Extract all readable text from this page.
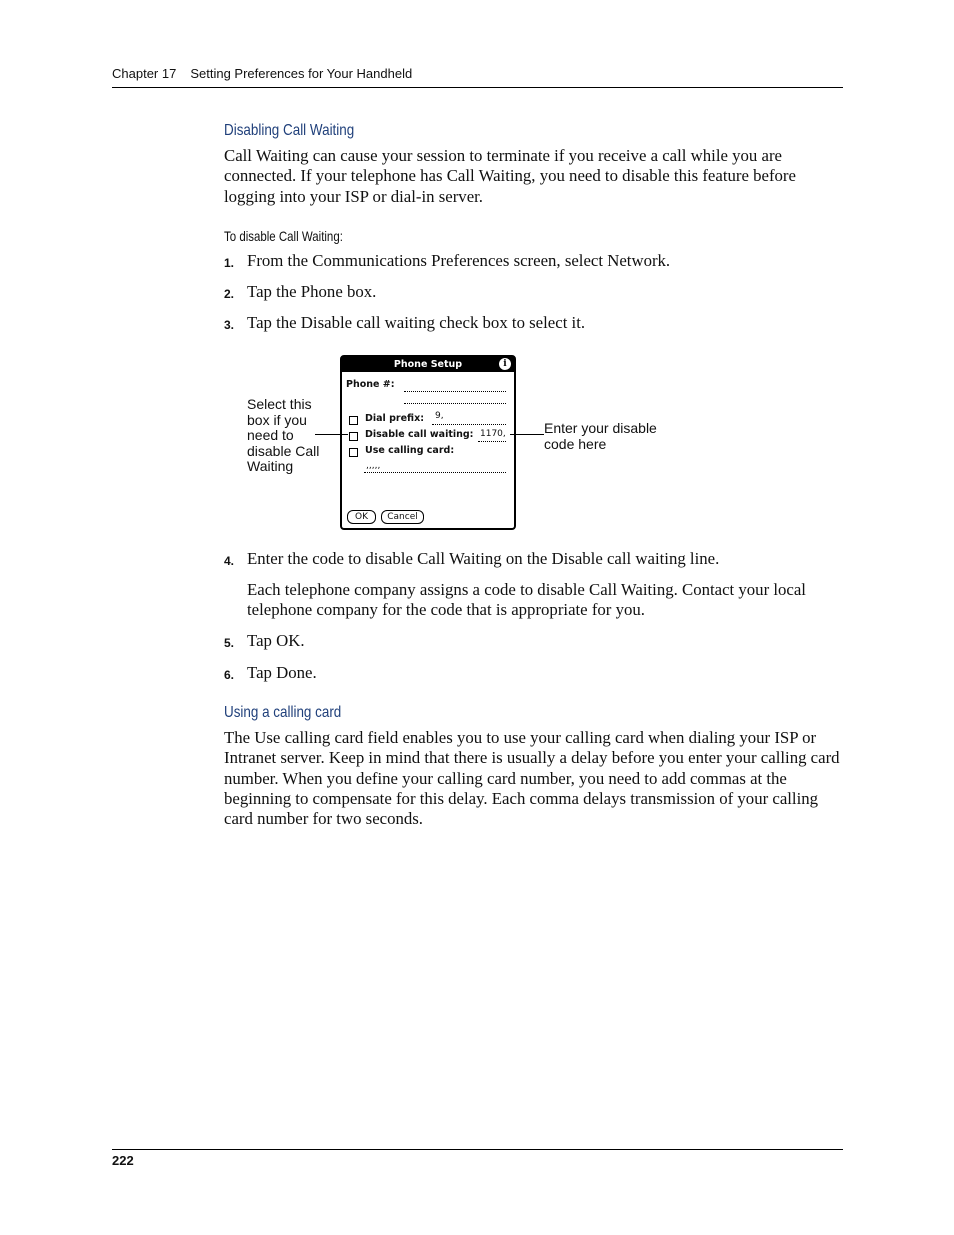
Chapter 17 Setting Preferences for Your Handheld
Disabling Call Waiting
Call Waiting can cause your session to terminate if you receive a call while you are connected. If your telephone has Call Waiting, you need to disable this feature before logging into your ISP or dial-in server.
To disable Call Waiting:
1. From the Communications Preferences screen, select Network.
2. Tap the Phone box.
3. Tap the Disable call waiting check box to select it.
Phone Setup	i
Phone #:
Dial prefix: 9,
Disable call waiting: 1170,
Use calling card:
,,,,,
OK	Cancel
Select this box if you need to disable Call Waiting
Enter your disable code here
4. Enter the code to disable Call Waiting on the Disable call waiting line.
Each telephone company assigns a code to disable Call Waiting. Contact your local telephone company for the code that is appropriate for you.
5. Tap OK.
6. Tap Done.
Using a calling card
The Use calling card field enables you to use your calling card when dialing your ISP or Intranet server. Keep in mind that there is usually a delay before you enter your calling card number. When you define your calling card number, you need to add commas at the beginning to compensate for this delay. Each comma delays transmission of your calling card number for two seconds.
222
